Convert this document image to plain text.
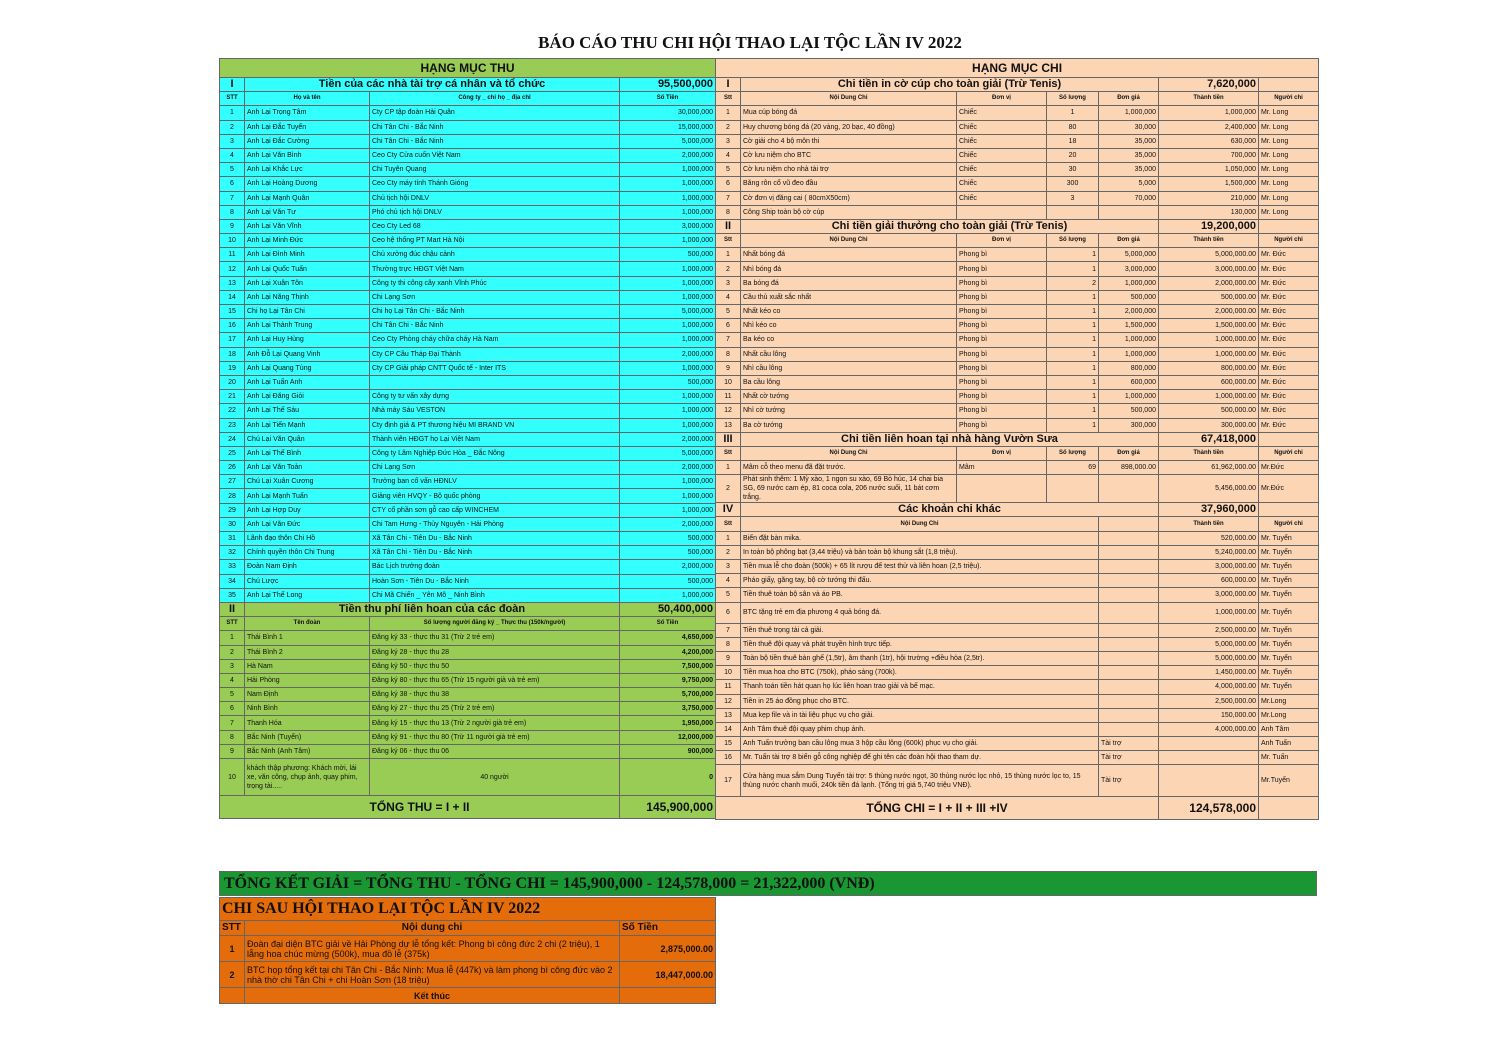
BÁO CÁO THU CHI HỘI THAO LẠI TỘC LẦN IV 2022
HẠNG MỤC THU			
I	Tiền của các nhà tài trợ cá nhân và tổ chức		95,500,000
STT	Họ và tên	Công ty _ chi họ _ địa chỉ	Số Tiền
1	Anh Lại Trọng Tâm	Cty CP tập đoàn Hải Quân	30,000,000
2	Anh Lại Đắc Tuyển	Chi Tân Chi - Bắc Ninh	15,000,000
3	Anh Lại Đắc Cường	Chi Tân Chi - Bắc Ninh	5,000,000
4	Anh Lại Văn Bình	Ceo Cty Cửa cuốn Việt Nam	2,000,000
5	Anh Lại Khắc Lực	Chi Tuyên Quang	1,000,000
6	Anh Lại Hoàng Dương	Ceo Cty máy tính Thánh Gióng	1,000,000
7	Anh Lại Mạnh Quân	Chủ tịch hội DNLV	1,000,000
8	Anh Lại Văn Tư	Phó chủ tịch hội DNLV	1,000,000
9	Anh Lại Văn Vĩnh	Ceo Cty Led 68	3,000,000
10	Anh Lại Minh Đức	Ceo hệ thống PT Mart Hà Nội	1,000,000
11	Anh Lại Đình Minh	Chủ xưởng đúc chậu cảnh	500,000
12	Anh Lại Quốc Tuấn	Thường trực HĐGT Việt Nam	1,000,000
13	Anh Lại Xuân Tôn	Công ty thi công cây xanh Vĩnh Phúc	1,000,000
14	Anh Lại Năng Thịnh	Chi Lạng Sơn	1,000,000
15	Chi họ Lại Tân Chi	Chi họ Lại Tân Chi - Bắc Ninh	5,000,000
16	Anh Lại Thành Trung	Chi Tân Chi - Bắc Ninh	1,000,000
17	Anh Lại Huy Hùng	Ceo Cty Phòng cháy chữa cháy Hà Nam	1,000,000
18	Anh Đỗ Lại Quang Vinh	Cty CP Cầu Tháp Đại Thành	2,000,000
19	Anh Lại Quang Tùng	Cty CP Giải pháp CNTT Quốc tế - Inter ITS	1,000,000
20	Anh Lại Tuấn Anh		500,000
21	Anh Lại Đăng Giỏi	Công ty tư vấn xây dựng	1,000,000
22	Anh Lại Thế Sáu	Nhà máy Sáu VESTON	1,000,000
23	Anh Lại Tiến Mạnh	Cty định giá & PT thương hiệu MI BRAND VN	1,000,000
24	Chú Lại Văn Quân	Thành viên HĐGT họ Lại Việt Nam	2,000,000
25	Anh Lại Thế Bình	Công ty Lâm Nghiệp Đức Hòa _ Đắc Nông	5,000,000
26	Anh Lại Văn Toản	Chi Lạng Sơn	2,000,000
27	Chú Lại Xuân Cương	Trưởng ban cố vấn HĐNLV	1,000,000
28	Anh Lại Mạnh Tuấn	Giảng viên HVQY - Bộ quốc phòng	1,000,000
29	Anh Lại Hợp Duy	CTY cổ phần sơn gỗ cao cấp WINCHEM	1,000,000
30	Anh Lại Văn Đức	Chi Tam Hưng - Thủy Nguyên - Hải Phòng	2,000,000
31	Lãnh đạo thôn Chi Hồ	Xã Tân Chi - Tiên Du - Bắc Ninh	500,000
32	Chính quyền thôn Chi Trung	Xã Tân Chi - Tiên Du - Bắc Ninh	500,000
33	Đoàn Nam Định	Bác Lịch trưởng đoàn	2,000,000
34	Chú Lược	Hoàn Sơn - Tiên Du - Bắc Ninh	500,000
35	Anh Lại Thế Long	Chi Mã Chiến _ Yên Mô _ Ninh Bình	1,000,000
II	Tiền thu phí liên hoan của các đoàn		50,400,000
STT	Tên đoàn	Số lượng người đăng ký _ Thực thu (150k/người)	Số Tiền
1	Thái Bình 1	Đăng ký 33 - thực thu 31 (Trừ 2 trẻ em)	4,650,000
2	Thái Bình 2	Đăng ký 28 - thực thu 28	4,200,000
3	Hà Nam	Đăng ký 50 - thực thu 50	7,500,000
4	Hải Phòng	Đăng ký 80 - thực thu 65 (Trừ 15 người già và trẻ em)	9,750,000
5	Nam Định	Đăng ký 38 - thực thu 38	5,700,000
6	Ninh Bình	Đăng ký 27 - thực thu 25 (Trừ 2 trẻ em)	3,750,000
7	Thanh Hóa	Đăng ký 15 - thực thu 13 (Trừ 2 người già trẻ em)	1,950,000
8	Bắc Ninh (Tuyển)	Đăng ký 91 - thực thu 80 (Trừ 11 người già trẻ em)	12,000,000
9	Bắc Ninh (Anh Tâm)	Đăng ký 06 - thực thu 06	900,000
10	khách thập phương: Khách mời, lái xe, văn công, chụp ảnh, quay phim, trọng tài.....	40 người	0
TỔNG THU = I + II			145,900,000
HẠNG MỤC CHI						
I	Chi tiền in cờ cúp cho toàn giải (Trừ Tenis)				7,620,000	
Stt	Nội Dung Chi	Đơn vị	Số lượng	Đơn giá	Thành tiền	Người chi
1	Mua cúp bóng đá	Chiếc	1	1,000,000	1,000,000	Mr. Long
2	Huy chương bóng đá (20 vàng, 20 bạc, 40 đồng)	Chiếc	80	30,000	2,400,000	Mr. Long
3	Cờ giải cho 4 bộ môn thi	Chiếc	18	35,000	630,000	Mr. Long
4	Cờ lưu niệm cho BTC	Chiếc	20	35,000	700,000	Mr. Long
5	Cờ lưu niệm cho nhà tài trợ	Chiếc	30	35,000	1,050,000	Mr. Long
6	Băng rôn cổ vũ đeo đầu	Chiếc	300	5,000	1,500,000	Mr. Long
7	Cờ đơn vị đăng cai ( 80cmX50cm)	Chiếc	3	70,000	210,000	Mr. Long
8	Công Ship toàn bộ cờ cúp				130,000	Mr. Long
II	Chi tiền giải thưởng cho toàn giải (Trừ Tenis)				19,200,000	
Stt	Nội Dung Chi	Đơn vị	Số lượng	Đơn giá	Thành tiền	Người chi
1	Nhất bóng đá	Phong bì	1	5,000,000	5,000,000.00	Mr. Đức
2	Nhì bóng đá	Phong bì	1	3,000,000	3,000,000.00	Mr. Đức
3	Ba bóng đá	Phong bì	2	1,000,000	2,000,000.00	Mr. Đức
4	Cầu thủ xuất sắc nhất	Phong bì	1	500,000	500,000.00	Mr. Đức
5	Nhất kéo co	Phong bì	1	2,000,000	2,000,000.00	Mr. Đức
6	Nhì kéo co	Phong bì	1	1,500,000	1,500,000.00	Mr. Đức
7	Ba kéo co	Phong bì	1	1,000,000	1,000,000.00	Mr. Đức
8	Nhất cầu lông	Phong bì	1	1,000,000	1,000,000.00	Mr. Đức
9	Nhì cầu lông	Phong bì	1	800,000	800,000.00	Mr. Đức
10	Ba cầu lông	Phong bì	1	600,000	600,000.00	Mr. Đức
11	Nhất cờ tướng	Phong bì	1	1,000,000	1,000,000.00	Mr. Đức
12	Nhì cờ tướng	Phong bì	1	500,000	500,000.00	Mr. Đức
13	Ba cờ tướng	Phong bì	1	300,000	300,000.00	Mr. Đức
III	Chi tiền liên hoan tại nhà hàng Vườn Sưa				67,418,000	
Stt	Nội Dung Chi	Đơn vị	Số lượng	Đơn giá	Thành tiền	Người chi
1	Mâm cỗ theo menu đã đặt trước.	Mâm	69	898,000.00	61,962,000.00	Mr.Đức
2	Phát sinh thêm: 1 Mỳ xào, 1 ngọn su xào, 69 Bò húc, 14 chai bia SG, 69 nước cam ép, 81 coca cola, 206 nước suối, 11 bát cơm trắng.				5,456,000.00	Mr.Đức
IV	Các khoản chi khác				37,960,000	
Stt	Nội Dung Chi				Thành tiền	Người chi
1	Biển đặt bàn mika.				520,000.00	Mr. Tuyển
2	In toàn bộ phông bạt (3,44 triệu) và bản toàn bộ khung sắt (1,8 triệu).				5,240,000.00	Mr. Tuyển
3	Tiền mua lễ cho đoàn (500k) + 65 lít rượu để test thử và liên hoan (2,5 triệu).				3,000,000.00	Mr. Tuyển
4	Pháo giấy, găng tay, bộ cờ tướng thi đấu.				600,000.00	Mr. Tuyển
5	Tiền thuê toàn bộ sân và áo PB.				3,000,000.00	Mr. Tuyển
6	BTC tặng trẻ em địa phương 4 quả bóng đá.				1,000,000.00	Mr. Tuyển
7	Tiền thuê trọng tài cả giải.				2,500,000.00	Mr. Tuyển
8	Tiền thuê đội quay và phát truyền hình trực tiếp.				5,000,000.00	Mr. Tuyển
9	Toàn bộ tiền thuê bàn ghế (1,5tr), âm thanh (1tr), hội trường +điều hòa (2,5tr).				5,000,000.00	Mr. Tuyển
10	Tiền mua hoa cho BTC (750k), pháo sáng (700k).				1,450,000.00	Mr. Tuyển
11	Thanh toán tiền hát quan họ lúc liên hoan trao giải và bế mạc.				4,000,000.00	Mr. Tuyển
12	Tiền in 25 áo đồng phục cho BTC.				2,500,000.00	Mr.Long
13	Mua kẹp file và in tài liệu phục vụ cho giải.				150,000.00	Mr.Long
14	Anh Tâm thuê đội quay phim chụp ảnh.				4,000,000.00	Anh Tâm
15	Anh Tuấn trưởng ban cầu lông mua 3 hộp cầu lông (600k) phục vụ cho giải.			Tài trợ		Anh Tuấn
16	Mr. Tuấn tài trợ 8 biển gỗ công nghiệp để ghi tên các đoàn hội thao tham dự.			Tài trợ		Mr. Tuấn
17	Cửa hàng mua sắm Dung Tuyển tài trợ: 5 thùng nước ngọt, 30 thùng nước lọc nhỏ, 15 thùng nước lọc to, 15 thùng nước chanh muối, 240k tiền đá lạnh. (Tổng trị giá 5,740 triệu VNĐ).			Tài trợ		Mr.Tuyển
TỔNG CHI = I + II + III +IV					124,578,000	
TỔNG KẾT GIẢI = TỔNG THU - TỔNG CHI = 145,900,000 - 124,578,000 = 21,322,000 (VNĐ)
CHI SAU HỘI THAO LẠI TỘC LẦN IV 2022		
STT	Nội dung chi	Số Tiền
1	Đoàn đại diện BTC giải về Hải Phòng dự lễ tổng kết: Phong bì công đức 2 chi (2 triệu), 1 lẵng hoa chúc mừng (500k), mua đồ lễ (375k)	2,875,000.00
2	BTC họp tổng kết tại chi Tân Chi - Bắc Ninh: Mua lễ (447k) và làm phong bì công đức vào 2 nhà thờ chi Tân Chi + chi Hoàn Sơn (18 triệu)	18,447,000.00
	Kết thúc	
